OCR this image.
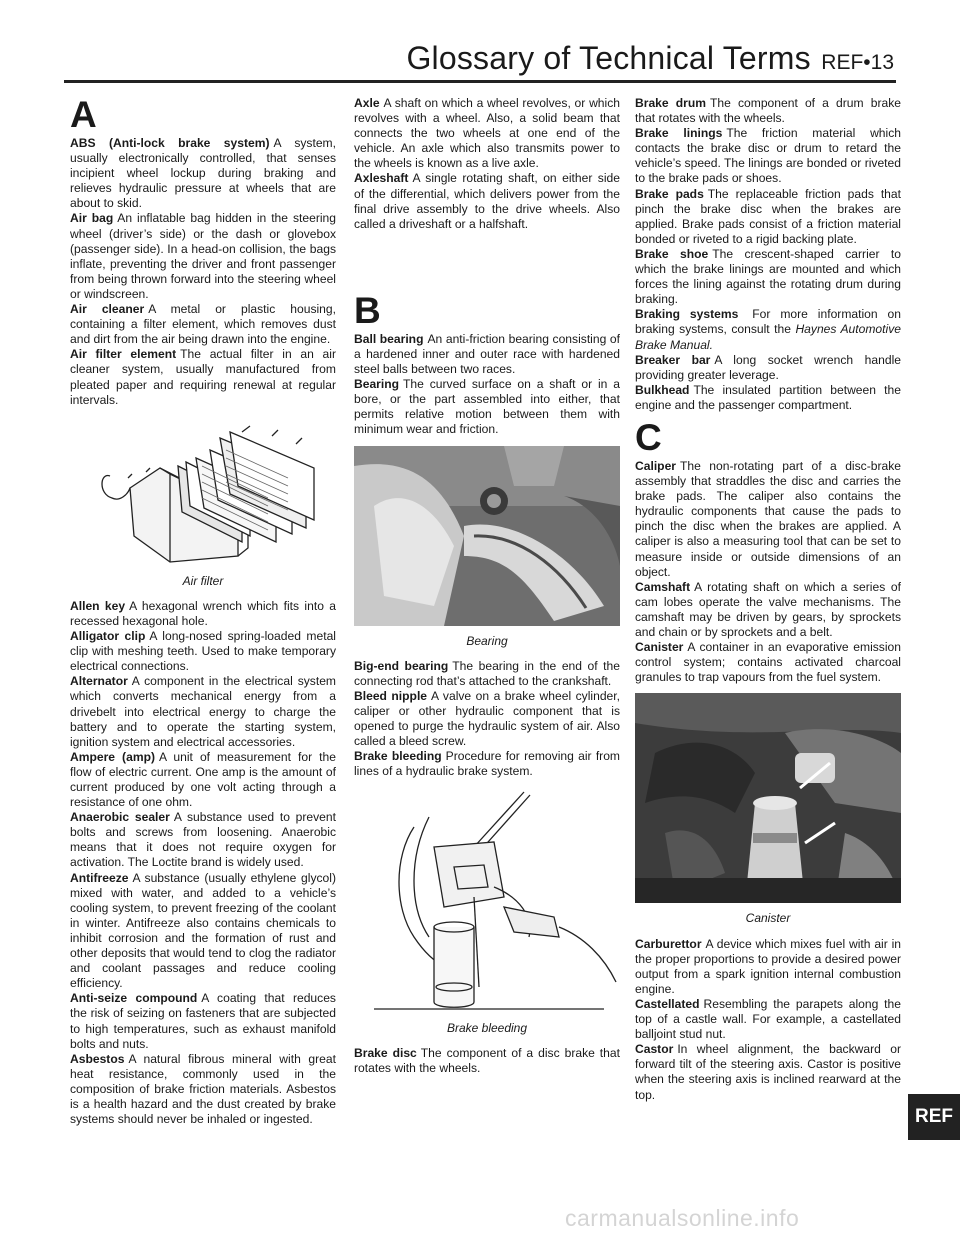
Glossary of Technical Terms REF•13
A

ABS (Anti-lock brake system) A system, usually electronically controlled, that senses incipient wheel lockup during braking and relieves hydraulic pressure at wheels that are about to skid.

Air bag An inflatable bag hidden in the steering wheel (driver’s side) or the dash or glovebox (passenger side). In a head-on collision, the bags inflate, preventing the driver and front passenger from being thrown forward into the steering wheel or windscreen.

Air cleaner A metal or plastic housing, containing a filter element, which removes dust and dirt from the air being drawn into the engine.

Air filter element The actual filter in an air cleaner system, usually manufactured from pleated paper and requiring renewal at regular intervals.

Air filter

Allen key A hexagonal wrench which fits into a recessed hexagonal hole.

Alligator clip A long-nosed spring-loaded metal clip with meshing teeth. Used to make temporary electrical connections.

Alternator A component in the electrical system which converts mechanical energy from a drivebelt into electrical energy to charge the battery and to operate the starting system, ignition system and electrical accessories.

Ampere (amp) A unit of measurement for the flow of electric current. One amp is the amount of current produced by one volt acting through a resistance of one ohm.

Anaerobic sealer A substance used to prevent bolts and screws from loosening. Anaerobic means that it does not require oxygen for activation. The Loctite brand is widely used.

Antifreeze A substance (usually ethylene glycol) mixed with water, and added to a vehicle’s cooling system, to prevent freezing of the coolant in winter. Antifreeze also contains chemicals to inhibit corrosion and the formation of rust and other deposits that would tend to clog the radiator and coolant passages and reduce cooling efficiency.

Anti-seize compound A coating that reduces the risk of seizing on fasteners that are subjected to high temperatures, such as exhaust manifold bolts and nuts.

Asbestos A natural fibrous mineral with great heat resistance, commonly used in the composition of brake friction materials. Asbestos is a health hazard and the dust created by brake systems should never be inhaled or ingested.

Axle A shaft on which a wheel revolves, or which revolves with a wheel. Also, a solid beam that connects the two wheels at one end of the vehicle. An axle which also transmits power to the wheels is known as a live axle.

Axleshaft A single rotating shaft, on either side of the differential, which delivers power from the final drive assembly to the drive wheels. Also called a driveshaft or a halfshaft.

B

Ball bearing An anti-friction bearing consisting of a hardened inner and outer race with hardened steel balls between two races.

Bearing The curved surface on a shaft or in a bore, or the part assembled into either, that permits relative motion between them with minimum wear and friction.

Bearing

Big-end bearing The bearing in the end of the connecting rod that’s attached to the crankshaft.

Bleed nipple A valve on a brake wheel cylinder, caliper or other hydraulic component that is opened to purge the hydraulic system of air. Also called a bleed screw.

Brake bleeding Procedure for removing air from lines of a hydraulic brake system.

Brake bleeding

Brake disc The component of a disc brake that rotates with the wheels.

Brake drum The component of a drum brake that rotates with the wheels.

Brake linings The friction material which contacts the brake disc or drum to retard the vehicle’s speed. The linings are bonded or riveted to the brake pads or shoes.

Brake pads The replaceable friction pads that pinch the brake disc when the brakes are applied. Brake pads consist of a friction material bonded or riveted to a rigid backing plate.

Brake shoe The crescent-shaped carrier to which the brake linings are mounted and which forces the lining against the rotating drum during braking.

Braking systems For more information on braking systems, consult the Haynes Automotive Brake Manual.

Breaker bar A long socket wrench handle providing greater leverage.

Bulkhead The insulated partition between the engine and the passenger compartment.

C

Caliper The non-rotating part of a disc-brake assembly that straddles the disc and carries the brake pads. The caliper also contains the hydraulic components that cause the pads to pinch the disc when the brakes are applied. A caliper is also a measuring tool that can be set to measure inside or outside dimensions of an object.

Camshaft A rotating shaft on which a series of cam lobes operate the valve mechanisms. The camshaft may be driven by gears, by sprockets and chain or by sprockets and a belt.

Canister A container in an evaporative emission control system; contains activated charcoal granules to trap vapours from the fuel system.

Canister

Carburettor A device which mixes fuel with air in the proper proportions to provide a desired power output from a spark ignition internal combustion engine.

Castellated Resembling the parapets along the top of a castle wall. For example, a castellated balljoint stud nut.

Castor In wheel alignment, the backward or forward tilt of the steering axis. Castor is positive when the steering axis is inclined rearward at the top.

REF
carmanualsonline.info
